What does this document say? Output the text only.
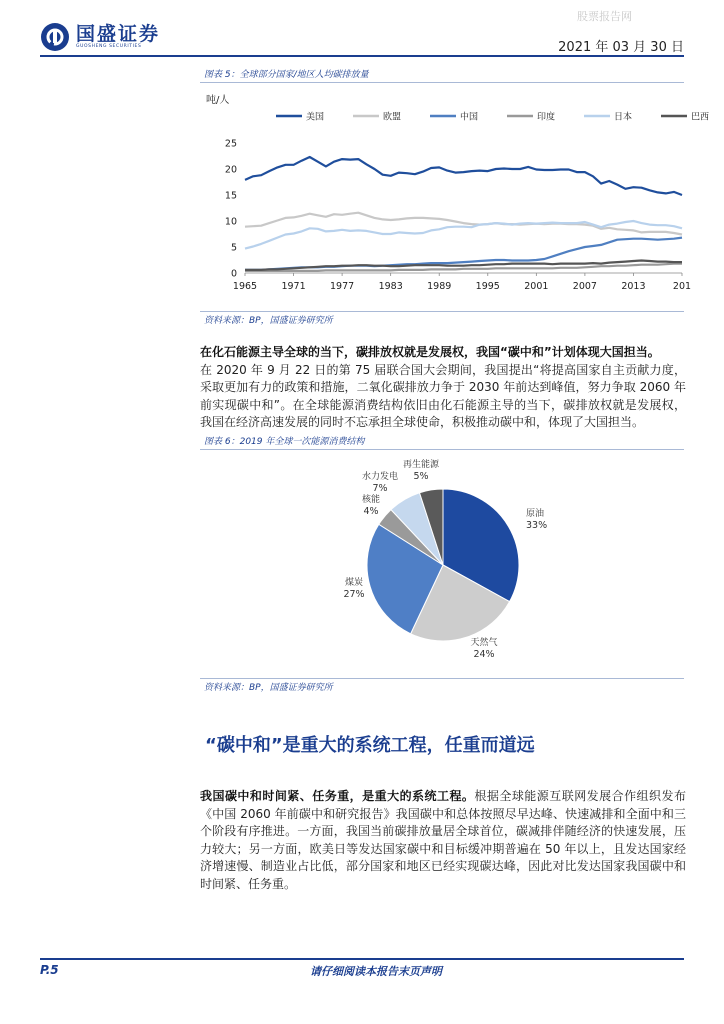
股票报告网
国盛证券
GUOSHENG SECURITIES	2021 年 03 月 30 日
图表 5：全球部分国家/地区人均碳排放量
吨/人
美国	欧盟	中国	印度	日本	巴西
0
5
10
15
20
25
1965	1971	1977	1983	1989	1995	2001	2007	2013	201
资料来源：BP，国盛证券研究所
在化石能源主导全球的当下，碳排放权就是发展权，我国“碳中和”计划体现大国担当。
在 2020 年 9 月 22 日的第 75 届联合国大会期间，我国提出“将提高国家自主贡献力度，采取更加有力的政策和措施，二氧化碳排放力争于 2030 年前达到峰值，努力争取 2060 年前实现碳中和”。在全球能源消费结构依旧由化石能源主导的当下，碳排放权就是发展权，我国在经济高速发展的同时不忘承担全球使命，积极推动碳中和，体现了大国担当。
图表 6：2019 年全球一次能源消费结构
原油
33%
天然气
24%
煤炭
27%
核能
4%
水力发电
7%
再生能源
5%
资料来源：BP，国盛证券研究所
“碳中和”是重大的系统工程，任重而道远
我国碳中和时间紧、任务重，是重大的系统工程。根据全球能源互联网发展合作组织发布《中国 2060 年前碳中和研究报告》我国碳中和总体按照尽早达峰、快速减排和全面中和三个阶段有序推进。一方面，我国当前碳排放量居全球首位，碳减排伴随经济的快速发展，压力较大；另一方面，欧美日等发达国家碳中和目标缓冲期普遍在 50 年以上，且发达国家经济增速慢、制造业占比低，部分国家和地区已经实现碳达峰，因此对比发达国家我国碳中和时间紧、任务重。
P.5	请仔细阅读本报告末页声明
